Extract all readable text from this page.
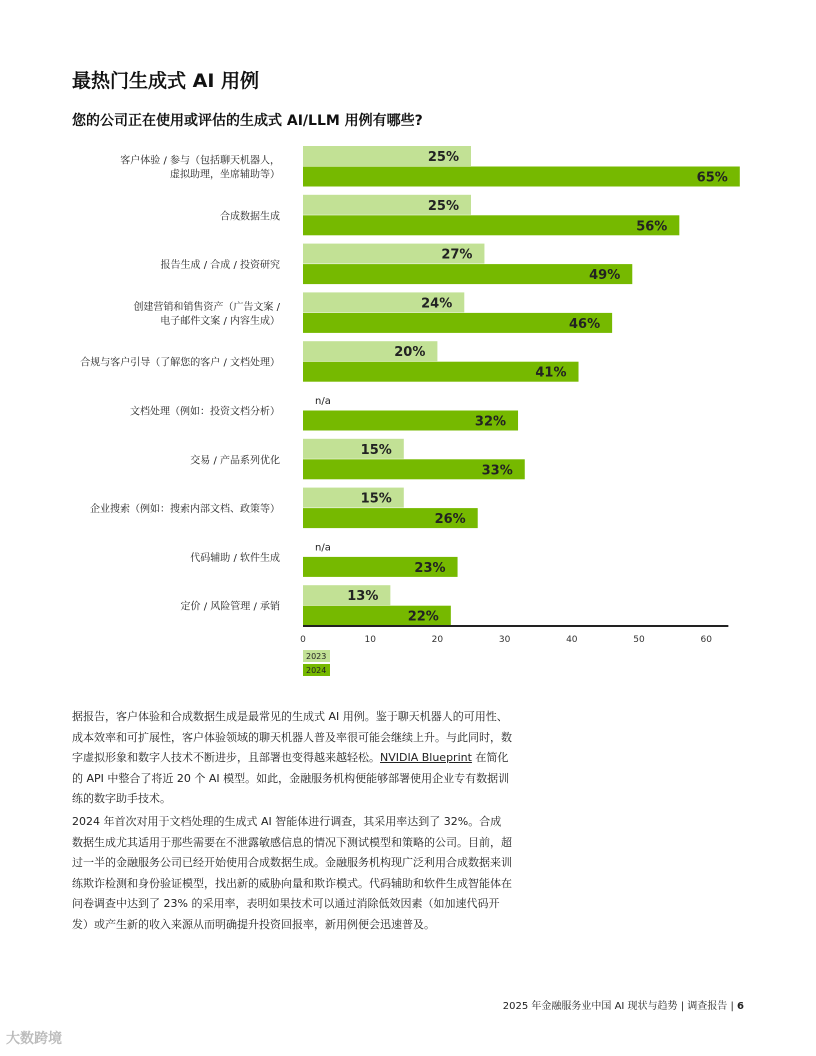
最热门生成式 AI 用例
您的公司正在使用或评估的生成式 AI/LLM 用例有哪些?
客户体验 / 参与（包括聊天机器人，
虚拟助理，坐席辅助等）
25%
65%
合成数据生成
25%
56%
报告生成 / 合成 / 投资研究
27%
49%
创建营销和销售资产（广告文案 /
电子邮件文案 / 内容生成）
24%
46%
合规与客户引导（了解您的客户 / 文档处理）
20%
41%
文档处理（例如：投资文档分析）
n/a
32%
交易 / 产品系列优化
15%
33%
企业搜索（例如：搜索内部文档、政策等）
15%
26%
代码辅助 / 软件生成
n/a
23%
定价 / 风险管理 / 承销
13%
22%
0	10	20	30	40	50	60
2023
2024
据报告，客户体验和合成数据生成是最常见的生成式 AI 用例。鉴于聊天机器人的可用性、成本效率和可扩展性，客户体验领域的聊天机器人普及率很可能会继续上升。与此同时，数字虚拟形象和数字人技术不断进步，且部署也变得越来越轻松。NVIDIA Blueprint 在简化的 API 中整合了将近 20 个 AI 模型。如此，金融服务机构便能够部署使用企业专有数据训练的数字助手技术。
2024 年首次对用于文档处理的生成式 AI 智能体进行调查，其采用率达到了 32%。合成数据生成尤其适用于那些需要在不泄露敏感信息的情况下测试模型和策略的公司。目前，超过一半的金融服务公司已经开始使用合成数据生成。金融服务机构现广泛利用合成数据来训练欺诈检测和身份验证模型，找出新的威胁向量和欺诈模式。代码辅助和软件生成智能体在问卷调查中达到了 23% 的采用率，表明如果技术可以通过消除低效因素（如加速代码开发）或产生新的收入来源从而明确提升投资回报率，新用例便会迅速普及。
2025 年金融服务业中国 AI 现状与趋势 | 调查报告 | 6
大数跨境
